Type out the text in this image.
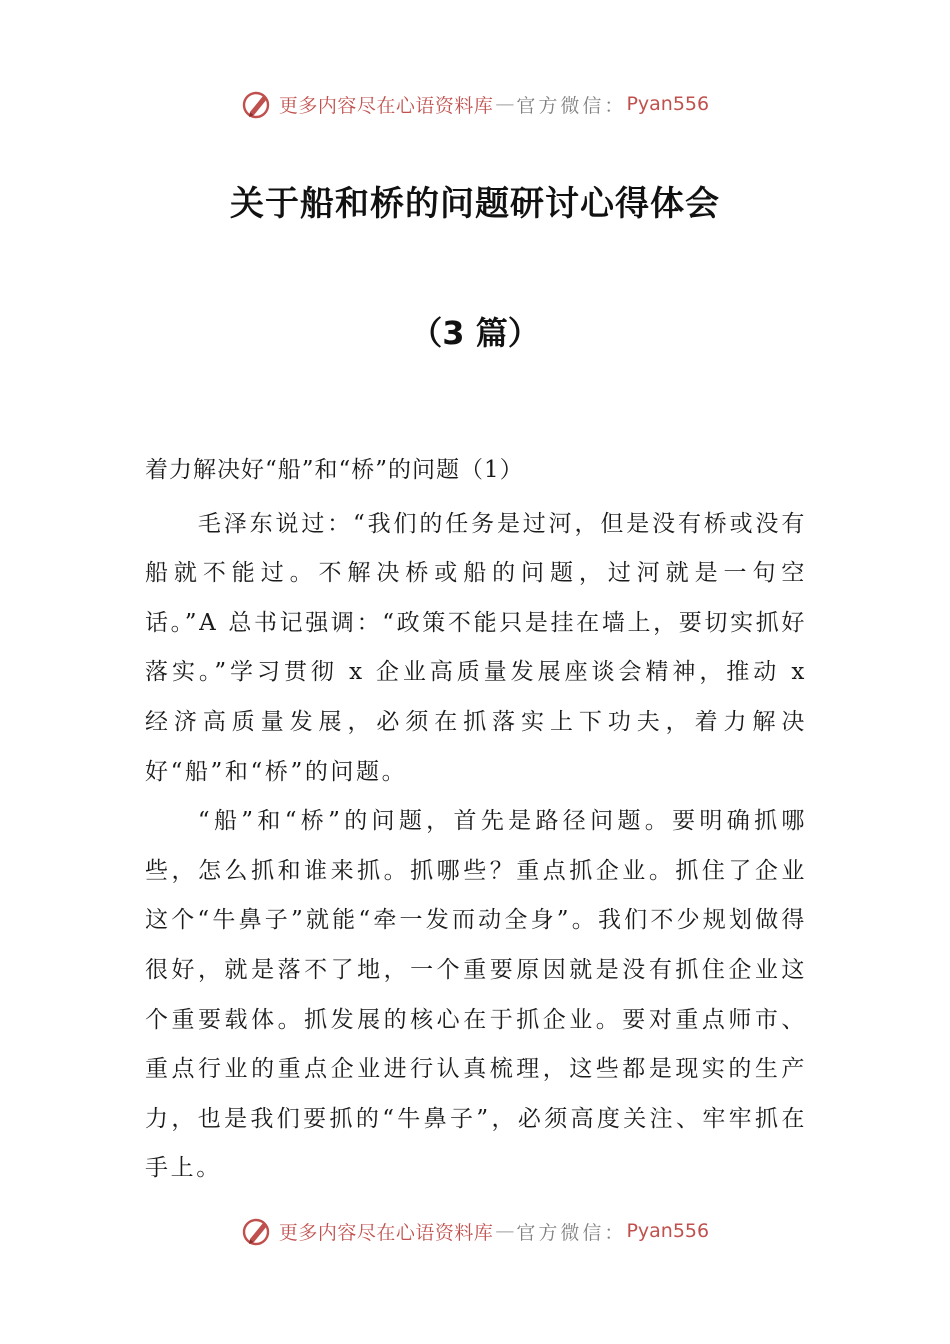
更多内容尽在心语资料库 — 官方微信： Pyan556
关于船和桥的问题研讨心得体会
（3 篇）

着力解决好“船”和“桥”的问题（1）

毛泽东说过：“我们的任务是过河，但是没有桥或没有船就不能过。不解决桥或船的问题，过河就是一句空话。”A 总书记强调：“政策不能只是挂在墙上，要切实抓好落实。”学习贯彻 x 企业高质量发展座谈会精神，推动 x 经济高质量发展，必须在抓落实上下功夫，着力解决好“船”和“桥”的问题。

“船”和“桥”的问题，首先是路径问题。要明确抓哪些，怎么抓和谁来抓。抓哪些？重点抓企业。抓住了企业这个“牛鼻子”就能“牵一发而动全身”。我们不少规划做得很好，就是落不了地，一个重要原因就是没有抓住企业这个重要载体。抓发展的核心在于抓企业。要对重点师市、重点行业的重点企业进行认真梳理，这些都是现实的生产力，也是我们要抓的“牛鼻子”，必须高度关注、牢牢抓在手上。

更多内容尽在心语资料库 — 官方微信： Pyan556
